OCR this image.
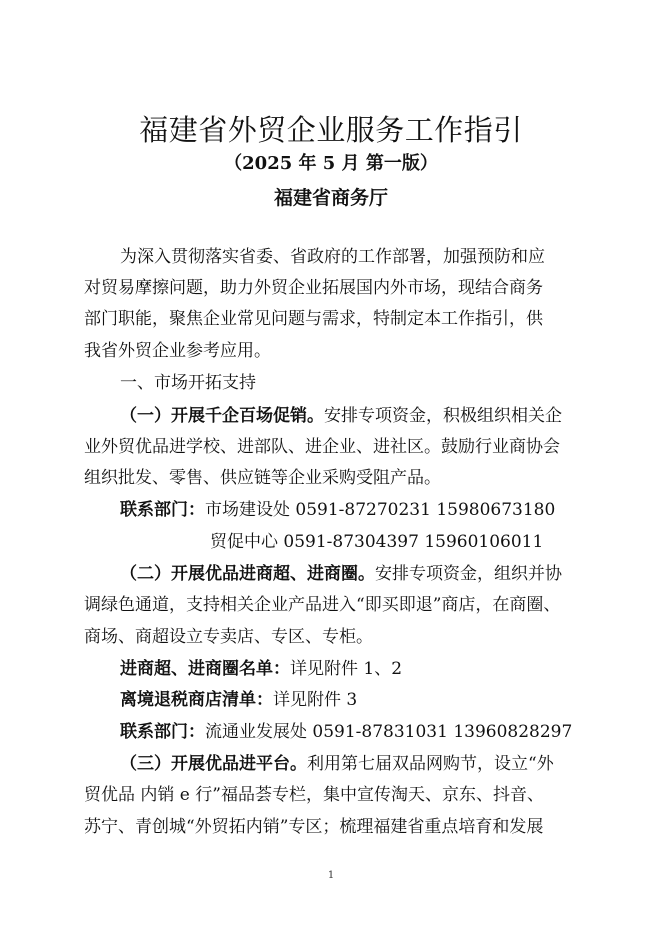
福建省外贸企业服务工作指引
（2025 年 5 月 第一版）
福建省商务厅
为深入贯彻落实省委、省政府的工作部署，加强预防和应
对贸易摩擦问题，助力外贸企业拓展国内外市场，现结合商务
部门职能，聚焦企业常见问题与需求，特制定本工作指引，供
我省外贸企业参考应用。
一、市场开拓支持
（一）开展千企百场促销。安排专项资金，积极组织相关企
业外贸优品进学校、进部队、进企业、进社区。鼓励行业商协会
组织批发、零售、供应链等企业采购受阻产品。
联系部门：市场建设处 0591-87270231 15980673180
贸促中心 0591-87304397 15960106011
（二）开展优品进商超、进商圈。安排专项资金，组织并协
调绿色通道，支持相关企业产品进入“即买即退”商店，在商圈、
商场、商超设立专卖店、专区、专柜。
进商超、进商圈名单：详见附件 1、2
离境退税商店清单：详见附件 3
联系部门：流通业发展处 0591-87831031 13960828297
（三）开展优品进平台。利用第七届双品网购节，设立“外
贸优品 内销 e 行”福品荟专栏，集中宣传淘天、京东、抖音、
苏宁、青创城“外贸拓内销”专区；梳理福建省重点培育和发展
1
